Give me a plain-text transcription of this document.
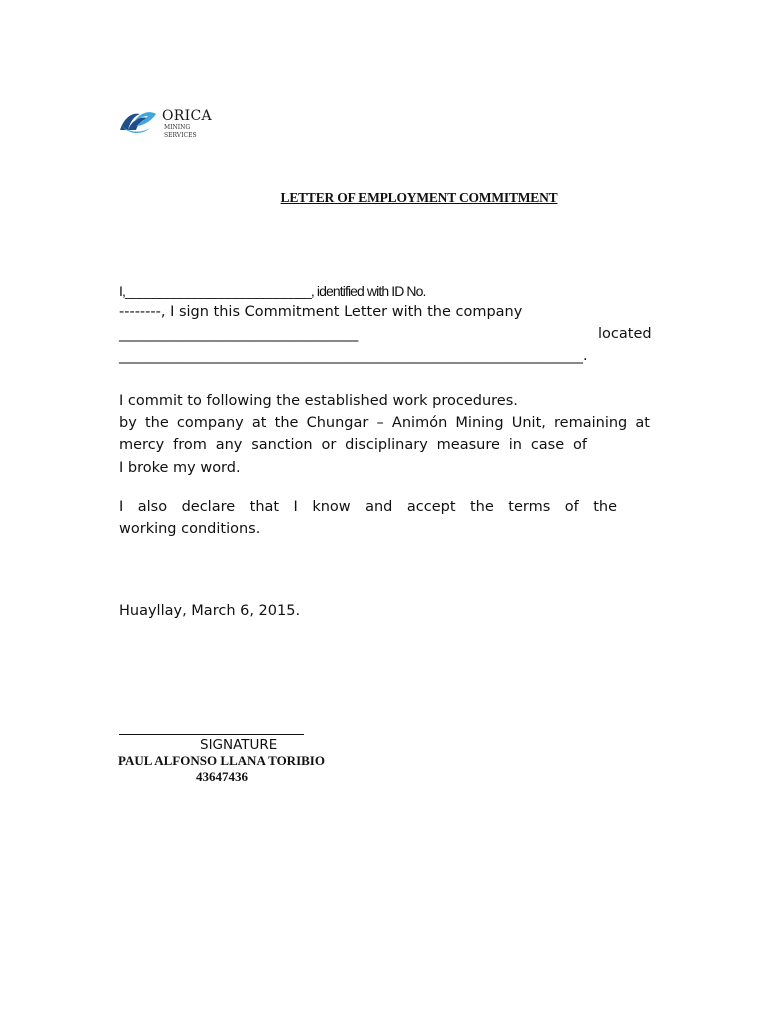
ORICA
MINING
SERVICES
LETTER OF EMPLOYMENT COMMITMENT
I,___________________________, identified with ID No.
--------, I sign this Commitment Letter with the company
_________________________________	located
________________________________________________________________.
I commit to following the established work procedures.
by the company at the Chungar – Animón Mining Unit, remaining at
mercy from any sanction or disciplinary measure in case of
I broke my word.
I also declare that I know and accept the terms of the
working conditions.
Huayllay, March 6, 2015.
SIGNATURE
PAUL ALFONSO LLANA TORIBIO
43647436
